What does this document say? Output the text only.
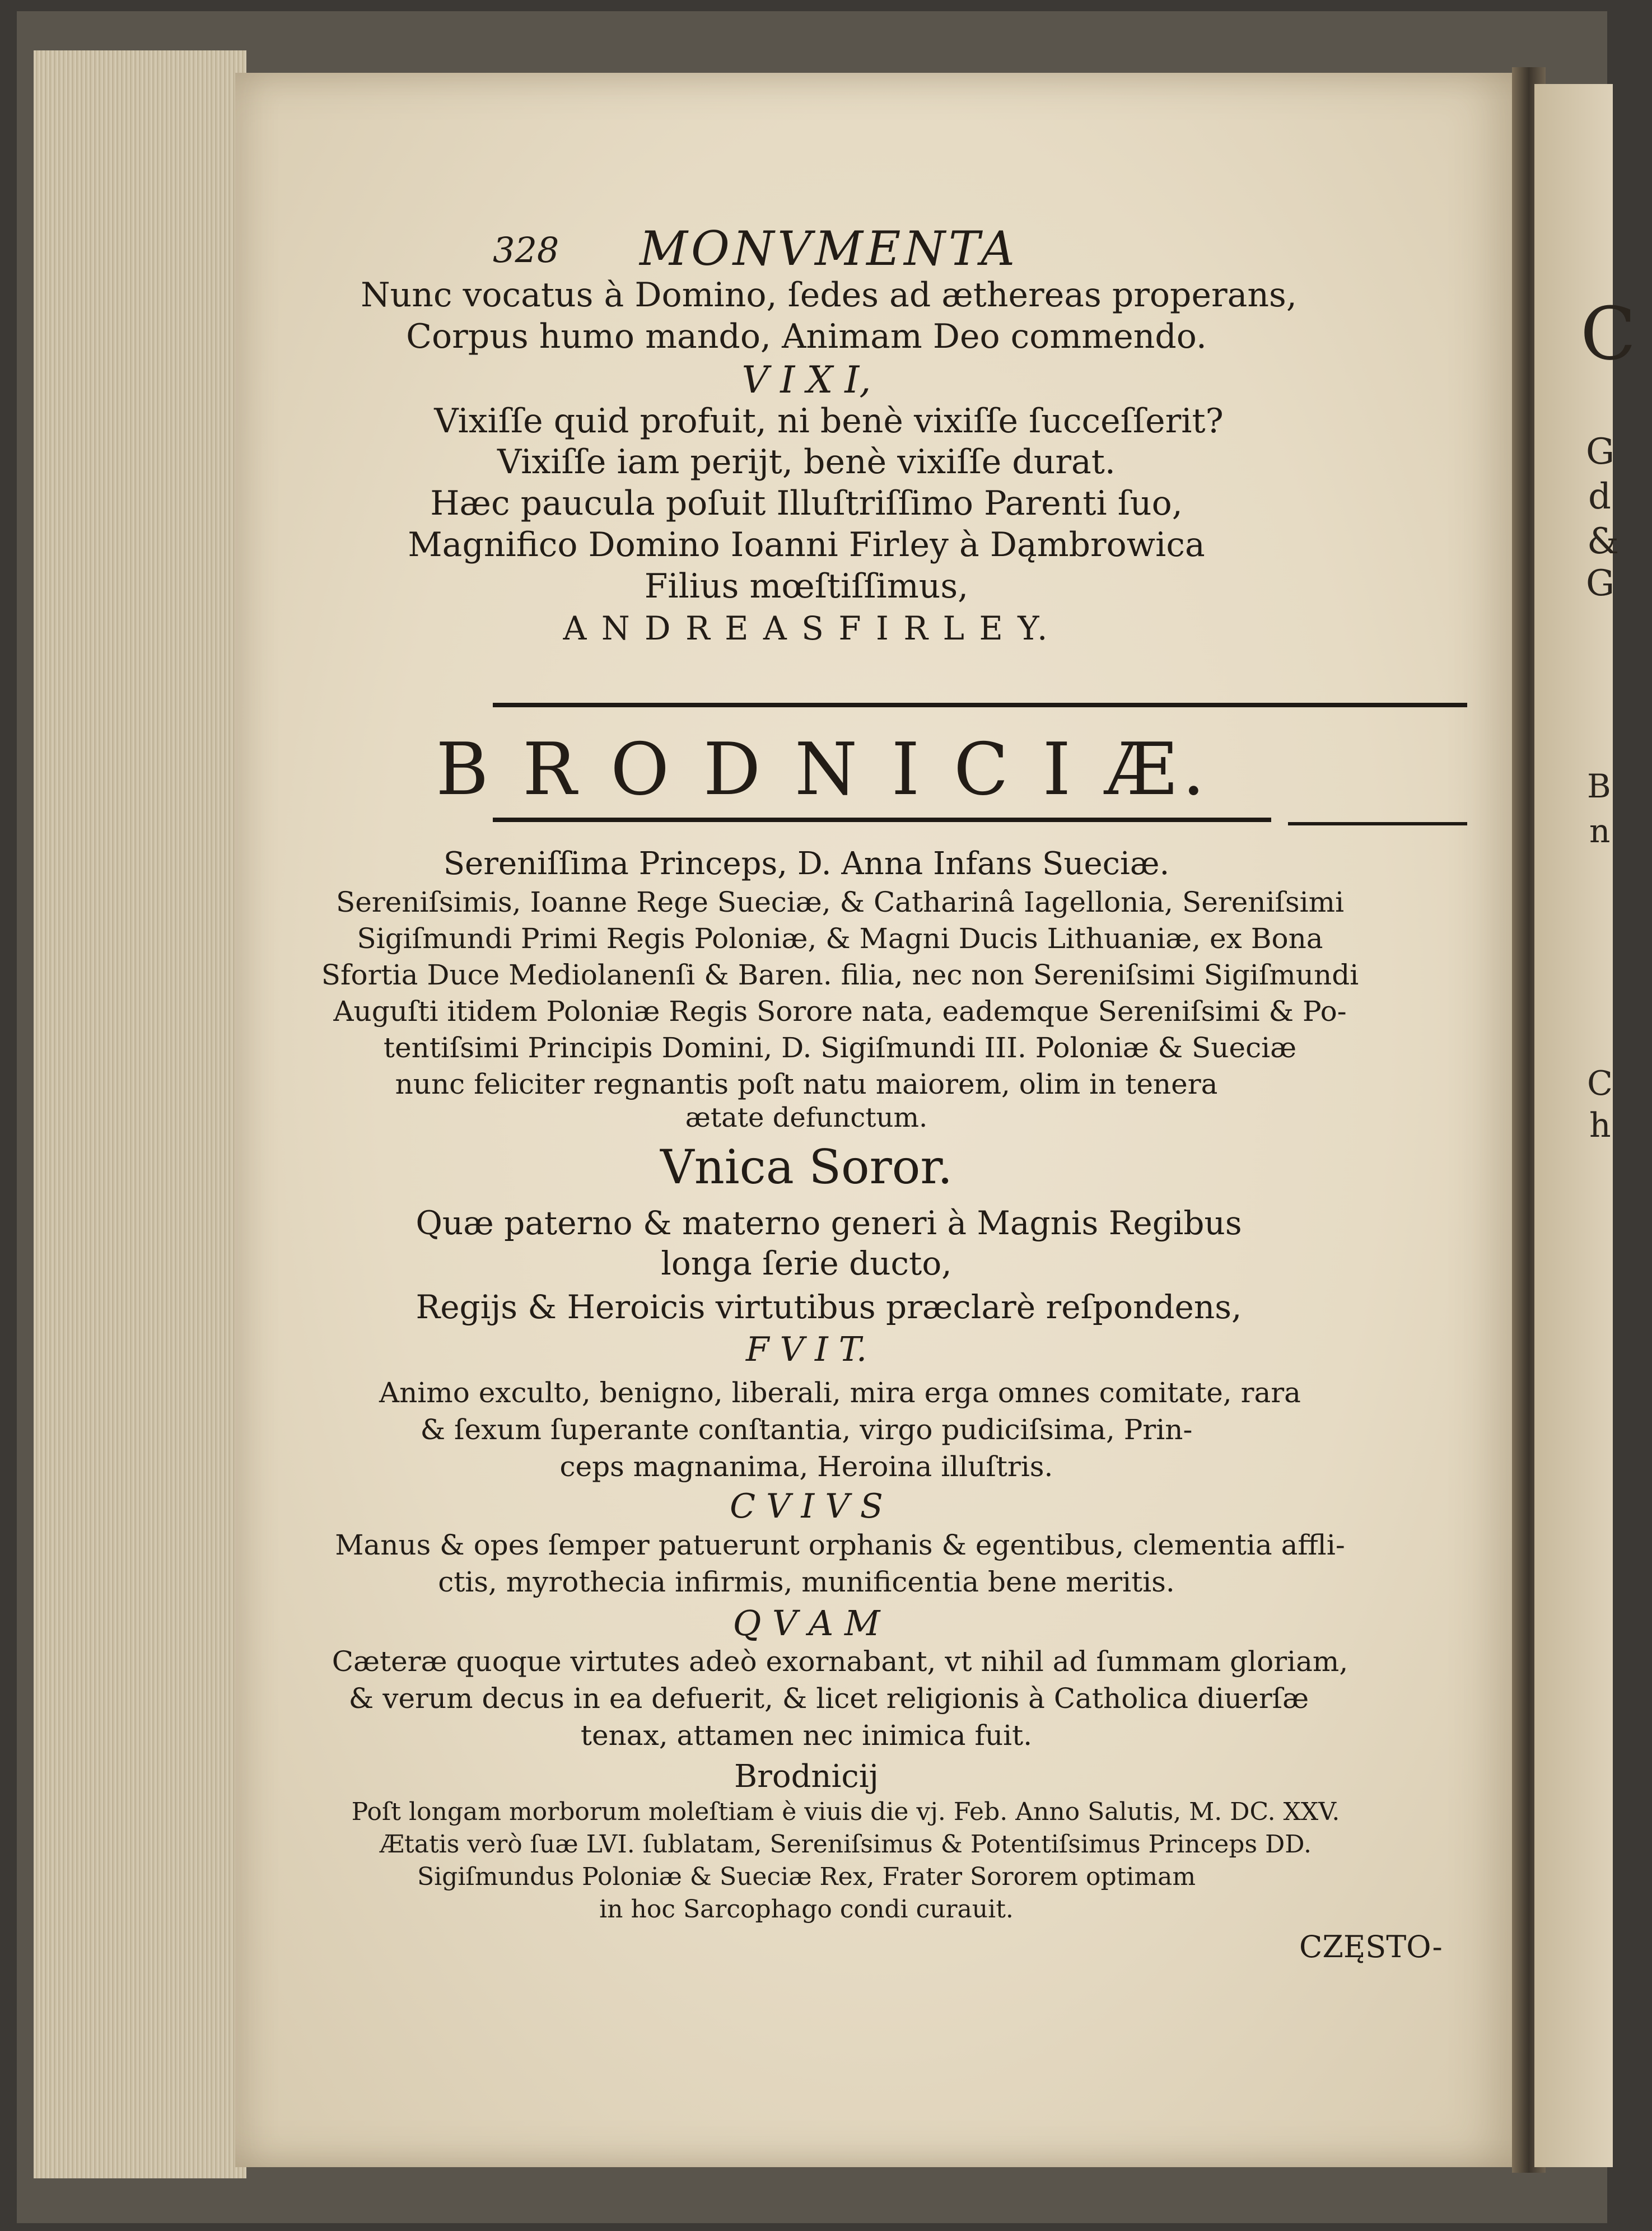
C
G
d
&
G
B
n
C
h
328	MONVMENTA
Nunc vocatus à Domino, ſedes ad æthereas properans,
Corpus humo mando, Animam Deo commendo.
V I X I,
Vixiſſe quid profuit, ni benè vixiſſe ſucceſſerit?
Vixiſſe iam perijt, benè vixiſſe durat.
Hæc paucula poſuit Illuſtriſſimo Parenti ſuo,
Magnifico Domino Ioanni Firley à Dąmbrowica
Filius mœſtiſſimus,
A N D R E A S F I R L E Y.
B R O D N I C I Æ.
Sereniſſima Princeps, D. Anna Infans Sueciæ.
Sereniſsimis, Ioanne Rege Sueciæ, & Catharinâ Iagellonia, Sereniſsimi
Sigiſmundi Primi Regis Poloniæ, & Magni Ducis Lithuaniæ, ex Bona
Sfortia Duce Mediolanenſi & Baren. filia, nec non Sereniſsimi Sigiſmundi
Auguſti itidem Poloniæ Regis Sorore nata, eademque Sereniſsimi & Po-
tentiſsimi Principis Domini, D. Sigiſmundi III. Poloniæ & Sueciæ
nunc feliciter regnantis poſt natu maiorem, olim in tenera
ætate defunctum.
Vnica Soror.
Quæ paterno & materno generi à Magnis Regibus
longa ſerie ducto,
Regijs & Heroicis virtutibus præclarè reſpondens,
F V I T.
Animo exculto, benigno, liberali, mira erga omnes comitate, rara
& ſexum ſuperante conſtantia, virgo pudiciſsima, Prin-
ceps magnanima, Heroina illuſtris.
C V I V S
Manus & opes ſemper patuerunt orphanis & egentibus, clementia affli-
ctis, myrothecia infirmis, munificentia bene meritis.
Q V A M
Cæteræ quoque virtutes adeò exornabant, vt nihil ad ſummam gloriam,
& verum decus in ea defuerit, & licet religionis à Catholica diuerſæ
tenax, attamen nec inimica fuit.
Brodnicij
Poſt longam morborum moleſtiam è viuis die vj. Feb. Anno Salutis, M. DC. XXV.
Ætatis verò ſuæ LVI. ſublatam, Sereniſsimus & Potentiſsimus Princeps DD.
Sigiſmundus Poloniæ & Sueciæ Rex, Frater Sororem optimam
in hoc Sarcophago condi curauit.
CZĘSTO-
